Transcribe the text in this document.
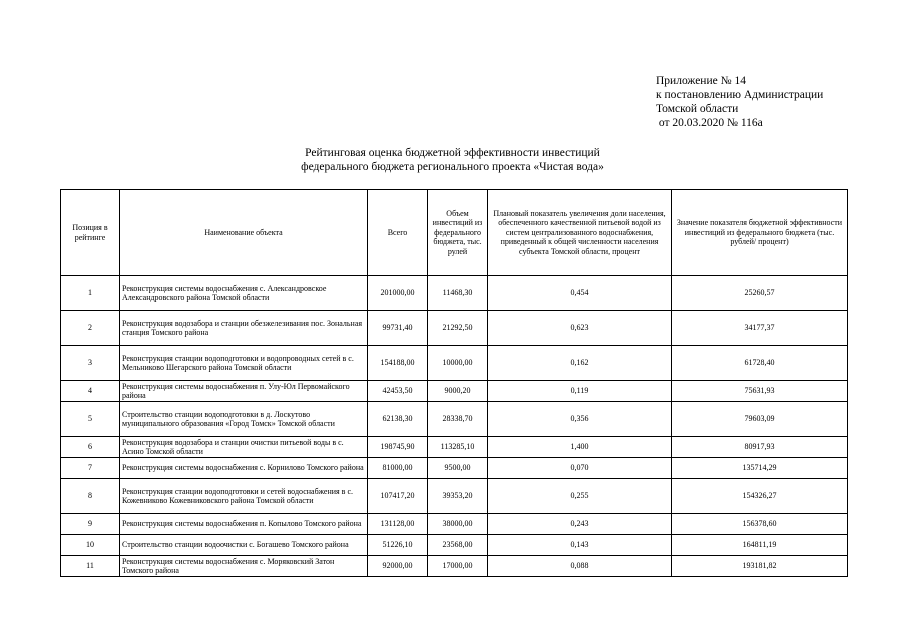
Приложение № 14
к постановлению Администрации
Томской области
от 20.03.2020 № 116а
Рейтинговая оценка бюджетной эффективности инвестиций
федерального бюджета регионального проекта «Чистая вода»
Позиция в рейтинге	Наименование объекта	Всего	Объем инвестиций из федерального бюджета, тыс. рулей	Плановый показатель увеличения доли населения, обеспеченного качественной питьевой водой из систем централизованного водоснабжения, приведенный к общей численности населения субъекта Томской области, процент	Значение показателя бюджетной эффективности инвестиций из федерального бюджета (тыс. рублей/ процент)
1	Реконструкция системы водоснабжения с. Александровское Александровского района Томской области	201000,00	11468,30	0,454	25260,57
2	Реконструкция водозабора и станции обезжелезивания пос. Зональная станция Томского района	99731,40	21292,50	0,623	34177,37
3	Реконструкция станции водоподготовки и водопроводных сетей в с. Мельниково Шегарского района Томской области	154188,00	10000,00	0,162	61728,40
4	Реконструкция системы водоснабжения п. Улу-Юл Первомайского района	42453,50	9000,20	0,119	75631,93
5	Строительство станции водоподготовки в д. Лоскутово муниципального образования «Город Томск» Томской области	62138,30	28338,70	0,356	79603,09
6	Реконструкция водозабора и станции очистки питьевой воды в с. Асино Томской области	198745,90	113285,10	1,400	80917,93
7	Реконструкция системы водоснабжения с. Корнилово Томского района	81000,00	9500,00	0,070	135714,29
8	Реконструкция станции водоподготовки и сетей водоснабжения в с. Кожевниково Кожевниковского района Томской области	107417,20	39353,20	0,255	154326,27
9	Реконструкция системы водоснабжения п. Копылово Томского района	131128,00	38000,00	0,243	156378,60
10	Строительство станции водоочистки с. Богашево Томского района	51226,10	23568,00	0,143	164811,19
11	Реконструкция системы водоснабжения с. Моряковский Затон Томского района	92000,00	17000,00	0,088	193181,82
